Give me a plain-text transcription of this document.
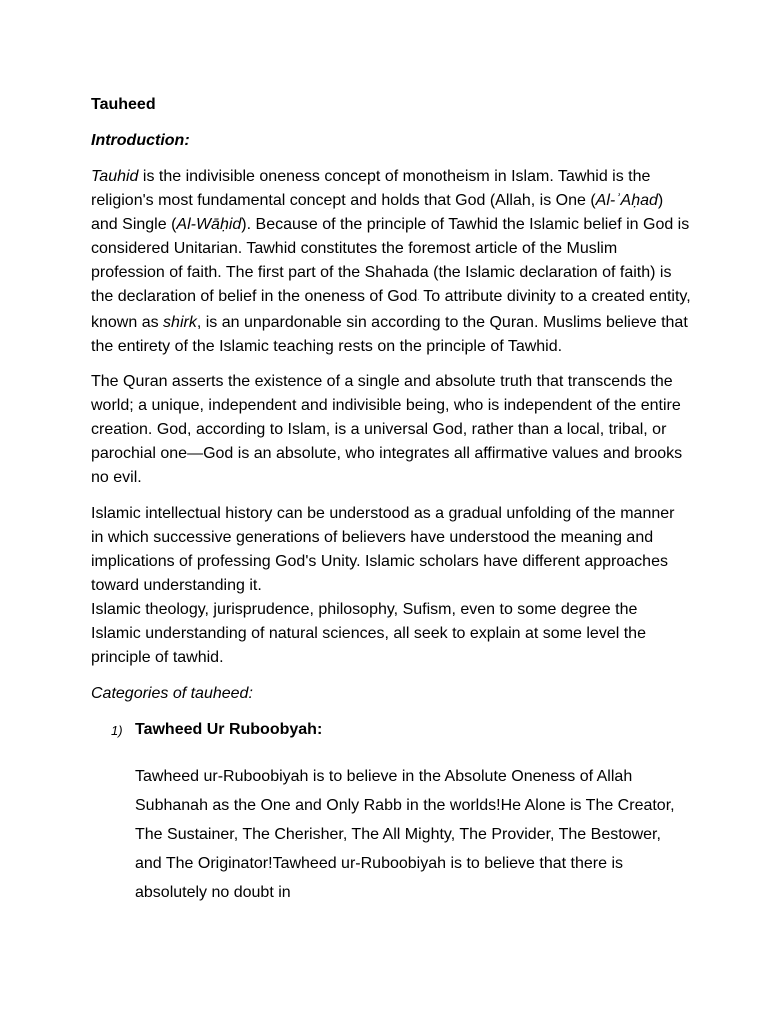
Tauheed
Introduction:

Tauhid is the indivisible oneness concept of monotheism in Islam. Tawhid is the religion's most fundamental concept and holds that God (Allah, is One (Al-ʾAḥad) and Single (Al-Wāḥid). Because of the principle of Tawhid the Islamic belief in God is considered Unitarian. Tawhid constitutes the foremost article of the Muslim profession of faith. The first part of the Shahada (the Islamic declaration of faith) is the declaration of belief in the oneness of God. To attribute divinity to a created entity, known as shirk, is an unpardonable sin according to the Quran. Muslims believe that the entirety of the Islamic teaching rests on the principle of Tawhid.

The Quran asserts the existence of a single and absolute truth that transcends the world; a unique, independent and indivisible being, who is independent of the entire creation. God, according to Islam, is a universal God, rather than a local, tribal, or parochial one—God is an absolute, who integrates all affirmative values and brooks no evil.

Islamic intellectual history can be understood as a gradual unfolding of the manner in which successive generations of believers have understood the meaning and implications of professing God's Unity. Islamic scholars have different approaches toward understanding it.

Islamic theology, jurisprudence, philosophy, Sufism, even to some degree the Islamic understanding of natural sciences, all seek to explain at some level the principle of tawhid.

Categories of tauheed:
1) Tawheed Ur Ruboobyah:
Tawheed ur-Ruboobiyah is to believe in the Absolute Oneness of Allah Subhanah as the One and Only Rabb in the worlds!He Alone is The Creator, The Sustainer, The Cherisher, The All Mighty, The Provider, The Bestower, and The Originator!Tawheed ur-Ruboobiyah is to believe that there is absolutely no doubt in
